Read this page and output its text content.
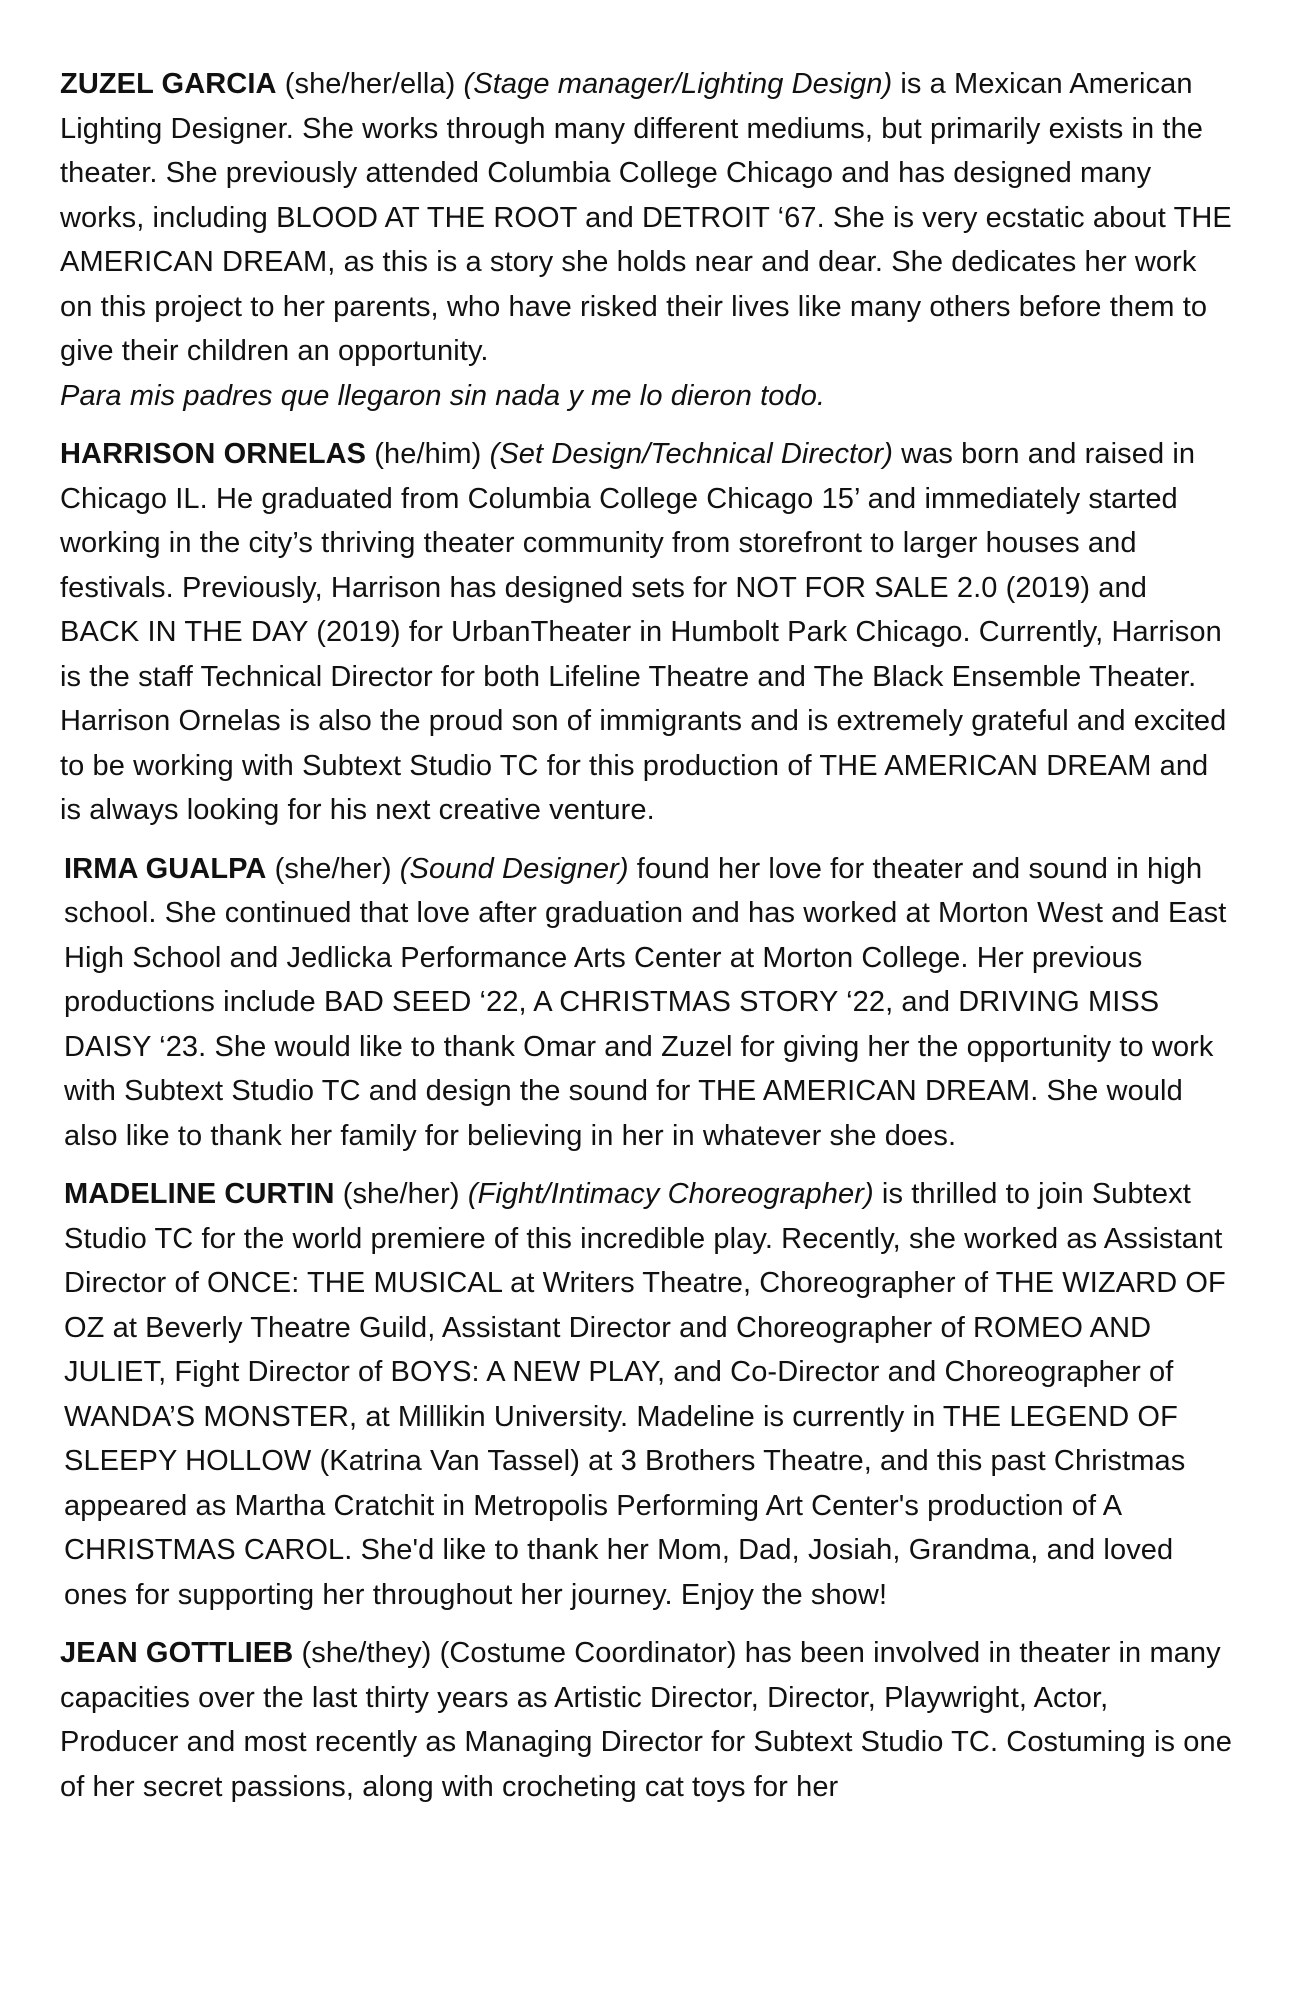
ZUZEL GARCIA (she/her/ella) (Stage manager/Lighting Design) is a Mexican American Lighting Designer. She works through many different mediums, but primarily exists in the theater. She previously attended Columbia College Chicago and has designed many works, including BLOOD AT THE ROOT and DETROIT ‘67. She is very ecstatic about THE AMERICAN DREAM, as this is a story she holds near and dear. She dedicates her work on this project to her parents, who have risked their lives like many others before them to give their children an opportunity.
Para mis padres que llegaron sin nada y me lo dieron todo.

HARRISON ORNELAS (he/him) (Set Design/Technical Director) was born and raised in Chicago IL. He graduated from Columbia College Chicago 15’ and immediately started working in the city’s thriving theater community from storefront to larger houses and festivals. Previously, Harrison has designed sets for NOT FOR SALE 2.0 (2019) and BACK IN THE DAY (2019) for UrbanTheater in Humbolt Park Chicago. Currently, Harrison is the staff Technical Director for both Lifeline Theatre and The Black Ensemble Theater. Harrison Ornelas is also the proud son of immigrants and is extremely grateful and excited to be working with Subtext Studio TC for this production of THE AMERICAN DREAM and is always looking for his next creative venture.

IRMA GUALPA (she/her) (Sound Designer) found her love for theater and sound in high school. She continued that love after graduation and has worked at Morton West and East High School and Jedlicka Performance Arts Center at Morton College. Her previous productions include BAD SEED ‘22, A CHRISTMAS STORY ‘22, and DRIVING MISS DAISY ‘23. She would like to thank Omar and Zuzel for giving her the opportunity to work with Subtext Studio TC and design the sound for THE AMERICAN DREAM. She would also like to thank her family for believing in her in whatever she does.

MADELINE CURTIN (she/her) (Fight/Intimacy Choreographer) is thrilled to join Subtext Studio TC for the world premiere of this incredible play. Recently, she worked as Assistant Director of ONCE: THE MUSICAL at Writers Theatre, Choreographer of THE WIZARD OF OZ at Beverly Theatre Guild, Assistant Director and Choreographer of ROMEO AND JULIET, Fight Director of BOYS: A NEW PLAY, and Co-Director and Choreographer of WANDA’S MONSTER, at Millikin University. Madeline is currently in THE LEGEND OF SLEEPY HOLLOW (Katrina Van Tassel) at 3 Brothers Theatre, and this past Christmas appeared as Martha Cratchit in Metropolis Performing Art Center's production of A CHRISTMAS CAROL. She'd like to thank her Mom, Dad, Josiah, Grandma, and loved ones for supporting her throughout her journey. Enjoy the show!

JEAN GOTTLIEB (she/they) (Costume Coordinator) has been involved in theater in many capacities over the last thirty years as Artistic Director, Director, Playwright, Actor, Producer and most recently as Managing Director for Subtext Studio TC. Costuming is one of her secret passions, along with crocheting cat toys for her
